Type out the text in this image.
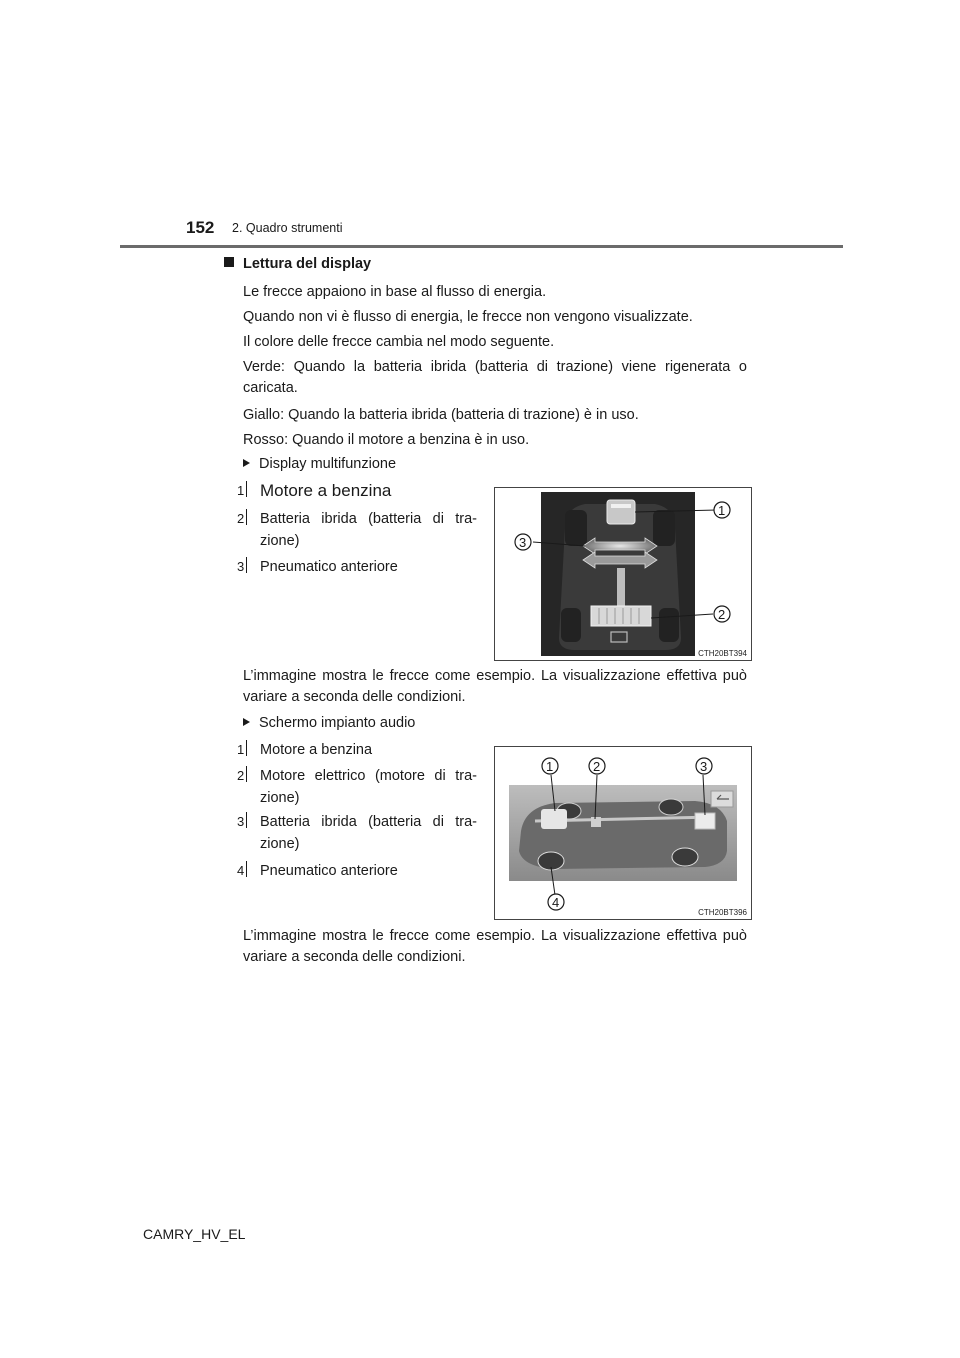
152 2. Quadro strumenti
Lettura del display
Le frecce appaiono in base al flusso di energia.
Quando non vi è flusso di energia, le frecce non vengono visualizzate.
Il colore delle frecce cambia nel modo seguente.
Verde: Quando la batteria ibrida (batteria di trazione) viene rigenerata o caricata.
Giallo: Quando la batteria ibrida (batteria di trazione) è in uso.
Rosso: Quando il motore a benzina è in uso.
Display multifunzione
1 Motore a benzina
2 Batteria ibrida (batteria di tra-zione)
3 Pneumatico anteriore
1
2
3
CTH20BT394
L’immagine mostra le frecce come esempio. La visualizzazione effettiva può variare a seconda delle condizioni.
Schermo impianto audio
1 Motore a benzina
2 Motore elettrico (motore di tra-zione)
3 Batteria ibrida (batteria di tra-zione)
4 Pneumatico anteriore
1	2	3
4
CTH20BT396
L’immagine mostra le frecce come esempio. La visualizzazione effettiva può variare a seconda delle condizioni.
CAMRY_HV_EL
